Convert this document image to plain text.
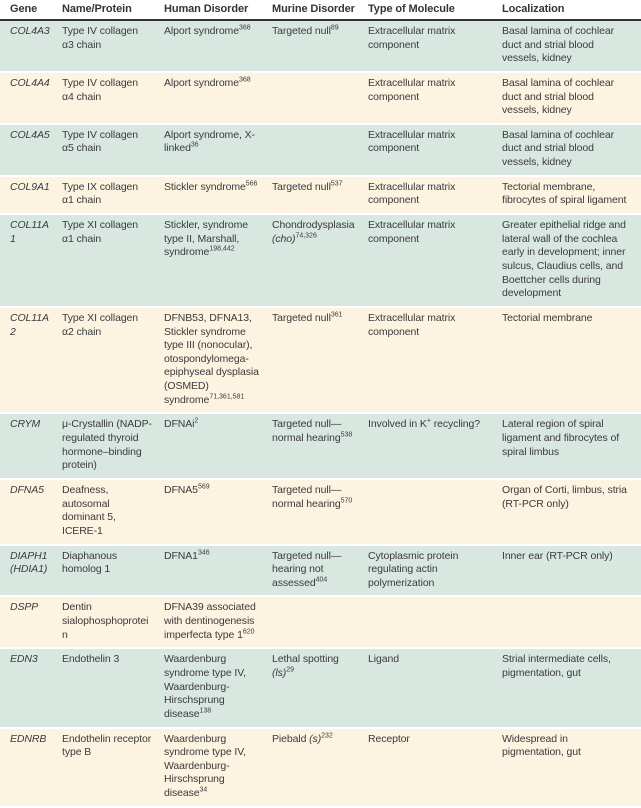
Gene	Name/Protein	Human Disorder	Murine Disorder	Type of Molecule	Localization
COL4A3	Type IV collagen α3 chain	Alport syndrome$^{368}$	Targeted null$^{89}$	Extracellular matrix component	Basal lamina of cochlear duct and strial blood vessels, kidney
COL4A4	Type IV collagen α4 chain	Alport syndrome$^{368}$		Extracellular matrix component	Basal lamina of cochlear duct and strial blood vessels, kidney
COL4A5	Type IV collagen α5 chain	Alport syndrome, X-linked$^{36}$		Extracellular matrix component	Basal lamina of cochlear duct and strial blood vessels, kidney
COL9A1	Type IX collagen α1 chain	Stickler syndrome$^{566}$	Targeted null$^{537}$	Extracellular matrix component	Tectorial membrane, fibrocytes of spiral ligament
COL11A1	Type XI collagen α1 chain	Stickler, syndrome type II, Marshall, syndrome$^{198,442}$	Chondrodysplasia (cho)$^{74,326}$	Extracellular matrix component	Greater epithelial ridge and lateral wall of the cochlea early in development; inner sulcus, Claudius cells, and Boettcher cells during development
COL11A2	Type XI collagen α2 chain	DFNB53, DFNA13, Stickler syndrome type III (nonocular), otospondylomega-epiphyseal dysplasia (OSMED) syndrome$^{71,361,581}$	Targeted null$^{361}$	Extracellular matrix component	Tectorial membrane
CRYM	μ-Crystallin (NADP-regulated thyroid hormone–binding protein)	DFNAi$^2$	Targeted null—normal hearing$^{538}$	Involved in K+ recycling?	Lateral region of spiral ligament and fibrocytes of spiral limbus
DFNA5	Deafness, autosomal dominant 5, ICERE-1	$DFNA5^{569}$	Targeted null—normal hearing$^{570}$		Organ of Corti, limbus, stria (RT-PCR only)
DIAPH1 (HDIA1)	Diaphanous homolog 1	$DFNA1^{346}$	Targeted null—hearing not assessed$^{404}$	Cytoplasmic protein regulating actin polymerization	Inner ear (RT-PCR only)
DSPP	Dentin sialophosphoprotein	DFNA39 associated with dentinogenesis imperfecta type $1^{620}$			
EDN3	Endothelin 3	Waardenburg syndrome type IV, Waardenburg-Hirschsprung disease$^{138}$	Lethal spotting (ls)$^{29}$	Ligand	Strial intermediate cells, pigmentation, gut
EDNRB	Endothelin receptor type B	Waardenburg syndrome type IV, Waardenburg-Hirschsprung disease$^{34}$	Piebald $(s)^{232}$	Receptor	Widespread in pigmentation, gut
